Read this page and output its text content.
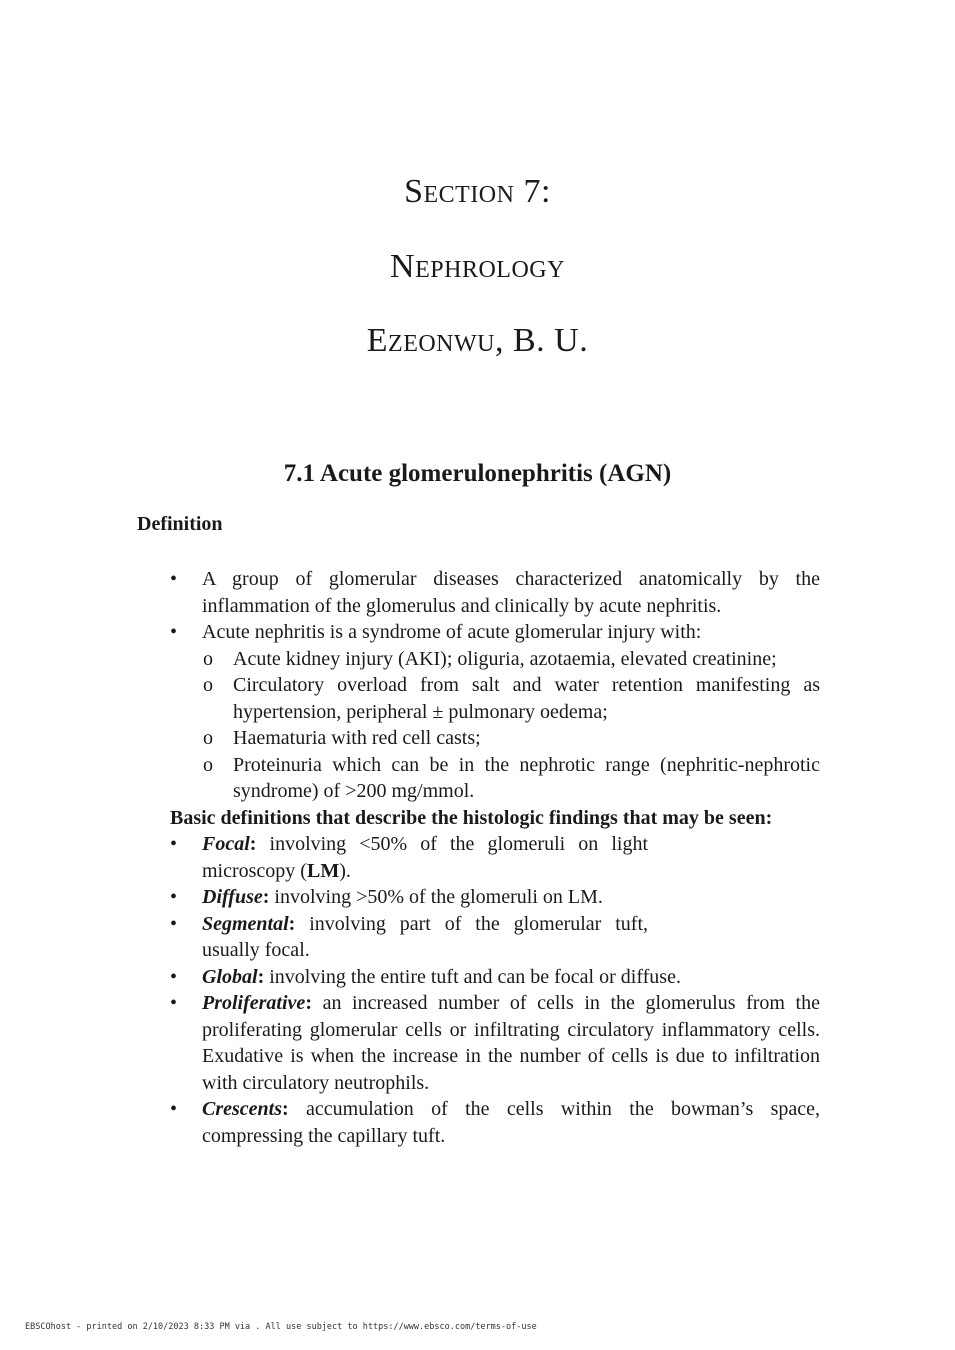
Section 7:
Nephrology
Ezeonwu, B. U.
7.1 Acute glomerulonephritis (AGN)
Definition
• A group of glomerular diseases characterized anatomically by the inflammation of the glomerulus and clinically by acute nephritis.
• Acute nephritis is a syndrome of acute glomerular injury with:
o Acute kidney injury (AKI); oliguria, azotaemia, elevated creatinine;
o Circulatory overload from salt and water retention manifesting as hypertension, peripheral ± pulmonary oedema;
o Haematuria with red cell casts;
o Proteinuria which can be in the nephrotic range (nephritic-nephrotic syndrome) of >200 mg/mmol.
Basic definitions that describe the histologic findings that may be seen:
• Focal: involving <50% of the glomeruli on light microscopy (LM).
• Diffuse: involving >50% of the glomeruli on LM.
• Segmental: involving part of the glomerular tuft, usually focal.
• Global: involving the entire tuft and can be focal or diffuse.
• Proliferative: an increased number of cells in the glomerulus from the proliferating glomerular cells or infiltrating circulatory inflammatory cells. Exudative is when the increase in the number of cells is due to infiltration with circulatory neutrophils.
• Crescents: accumulation of the cells within the bowman’s space, compressing the capillary tuft.
EBSCOhost - printed on 2/10/2023 8:33 PM via . All use subject to https://www.ebsco.com/terms-of-use
